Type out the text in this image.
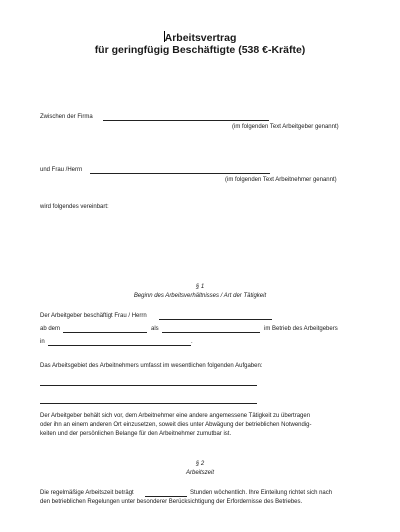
Arbeitsvertrag
für geringfügig Beschäftigte (538 €-Kräfte)
Zwischen der Firma
(im folgenden Text Arbeitgeber genannt)
und Frau /Herrn
(im folgenden Text Arbeitnehmer genannt)
wird folgendes vereinbart:
§ 1
Beginn des Arbeitsverhältnisses / Art der Tätigkeit
Der Arbeitgeber beschäftigt Frau / Herrn
ab dem	als	im Betrieb des Arbeitgebers
in	.
Das Arbeitsgebiet des Arbeitnehmers umfasst im wesentlichen folgenden Aufgaben:
Der Arbeitgeber behält sich vor, dem Arbeitnehmer eine andere angemessene Tätigkeit zu übertragen
oder ihn an einem anderen Ort einzusetzen, soweit dies unter Abwägung der betrieblichen Notwendig-
keiten und der persönlichen Belange für den Arbeitnehmer zumutbar ist.
§ 2
Arbeitszeit
Die regelmäßige Arbeitszeit beträgt	Stunden wöchentlich. Ihre Einteilung richtet sich nach
den betrieblichen Regelungen unter besonderer Berücksichtigung der Erfordernisse des Betriebes.
